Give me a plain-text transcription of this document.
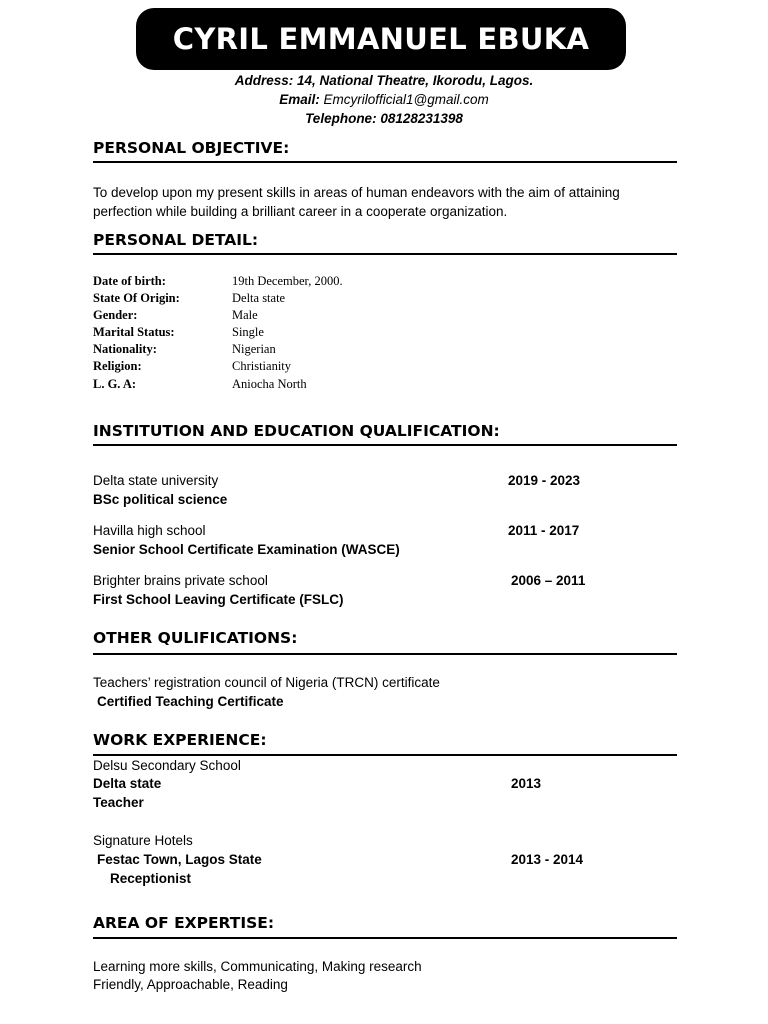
CYRIL EMMANUEL EBUKA
Address: 14, National Theatre, Ikorodu, Lagos.
Email: Emcyrilofficial1@gmail.com
Telephone: 08128231398
PERSONAL OBJECTIVE:
To develop upon my present skills in areas of human endeavors with the aim of attaining
perfection while building a brilliant career in a cooperate organization.
PERSONAL DETAIL:
Date of birth:	19th December, 2000.
State Of Origin:	Delta state
Gender:	Male
Marital Status:	Single
Nationality:	Nigerian
Religion:	Christianity
L. G. A:	Aniocha North
INSTITUTION AND EDUCATION QUALIFICATION:
Delta state university	2019 - 2023
BSc political science
Havilla high school	2011 - 2017
Senior School Certificate Examination (WASCE)
Brighter brains private school	2006 – 2011
First School Leaving Certificate (FSLC)
OTHER QULIFICATIONS:
Teachers’ registration council of Nigeria (TRCN) certificate
Certified Teaching Certificate
WORK EXPERIENCE:
Delsu Secondary School
Delta state	2013
Teacher
Signature Hotels
Festac Town, Lagos State	2013 - 2014
Receptionist
AREA OF EXPERTISE:
Learning more skills, Communicating, Making research
Friendly, Approachable, Reading
